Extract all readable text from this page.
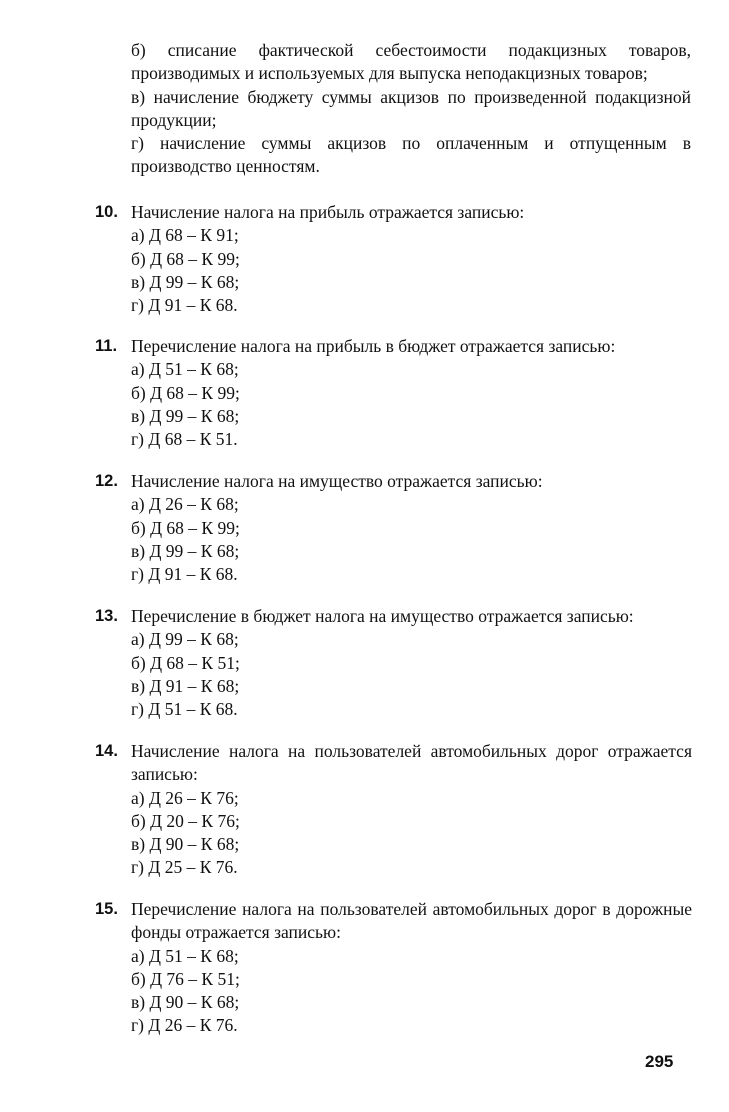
б) списание фактической себестоимости подакцизных товаров, производимых и используемых для выпуска неподакцизных товаров;

в) начисление бюджету суммы акцизов по произведенной подакцизной продукции;

г) начисление суммы акцизов по оплаченным и отпущенным в производство ценностям.

10. Начисление налога на прибыль отражается записью:
а) Д 68 – К 91;
б) Д 68 – К 99;
в) Д 99 – К 68;
г) Д 91 – К 68.
11. Перечисление налога на прибыль в бюджет отражается записью:
а) Д 51 – К 68;
б) Д 68 – К 99;
в) Д 99 – К 68;
г) Д 68 – К 51.
12. Начисление налога на имущество отражается записью:
а) Д 26 – К 68;
б) Д 68 – К 99;
в) Д 99 – К 68;
г) Д 91 – К 68.
13. Перечисление в бюджет налога на имущество отражается записью:
а) Д 99 – К 68;
б) Д 68 – К 51;
в) Д 91 – К 68;
г) Д 51 – К 68.
14. Начисление налога на пользователей автомобильных дорог отражается записью:
а) Д 26 – К 76;
б) Д 20 – К 76;
в) Д 90 – К 68;
г) Д 25 – К 76.
15. Перечисление налога на пользователей автомобильных дорог в дорожные фонды отражается записью:
а) Д 51 – К 68;
б) Д 76 – К 51;
в) Д 90 – К 68;
г) Д 26 – К 76.
295
